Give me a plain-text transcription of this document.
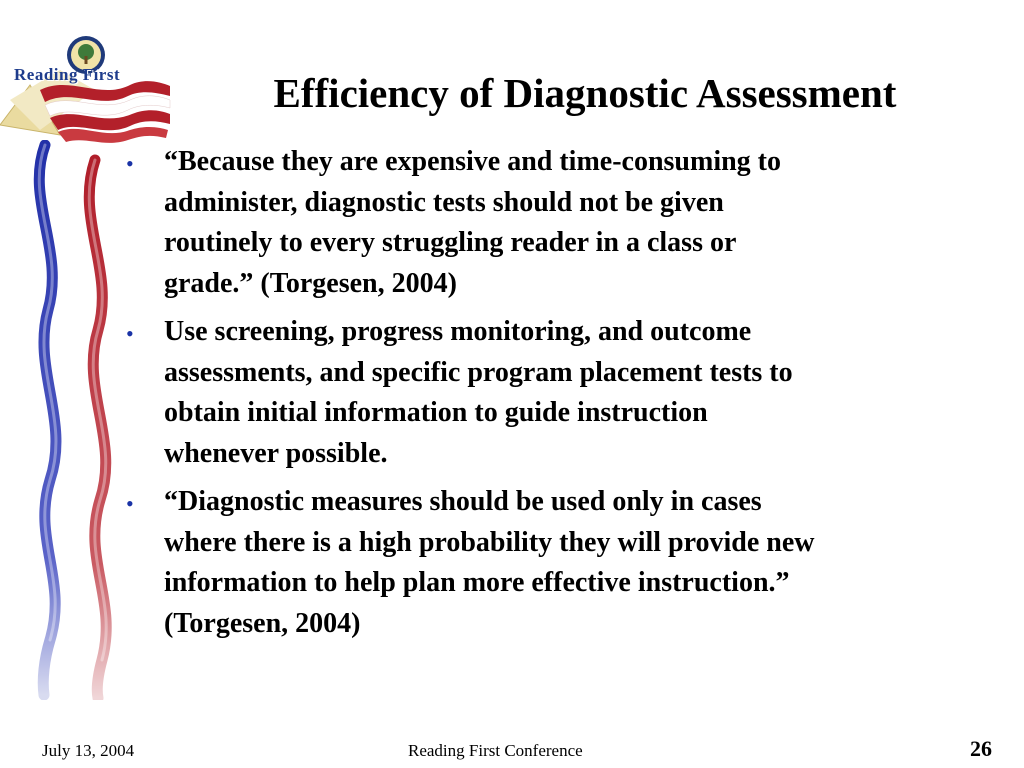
Reading First	Efficiency of Diagnostic Assessment
• “Because they are expensive and time-consuming to
administer, diagnostic tests should not be given
routinely to every struggling reader in a class or
grade.” (Torgesen, 2004)
• Use screening, progress monitoring, and outcome
assessments, and specific program placement tests to
obtain initial information to guide instruction
whenever possible.
• “Diagnostic measures should be used only in cases
where there is a high probability they will provide new
information to help plan more effective instruction.”
(Torgesen, 2004)
July 13, 2004	Reading First Conference	26
